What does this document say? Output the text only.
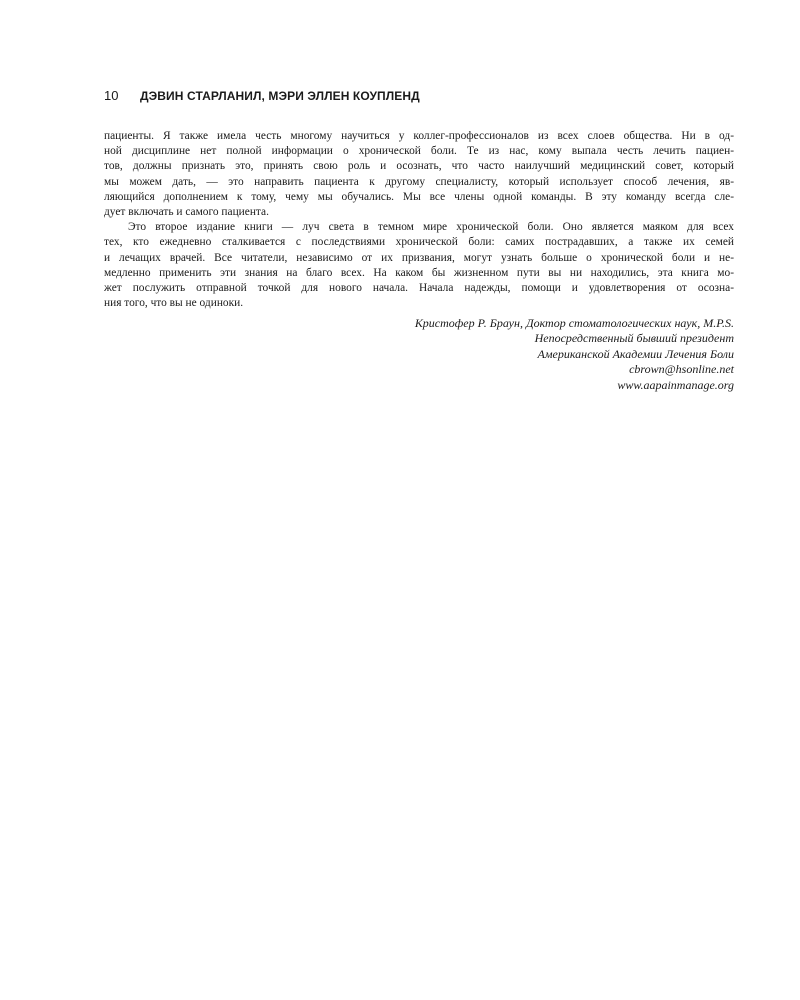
10	ДЭВИН СТАРЛАНИЛ, МЭРИ ЭЛЛЕН КОУПЛЕНД
пациенты. Я также имела честь многому научиться у коллег-профессионалов из всех слоев общества. Ни в од-
ной дисциплине нет полной информации о хронической боли. Те из нас, кому выпала честь лечить пациен-
тов, должны признать это, принять свою роль и осознать, что часто наилучший медицинский совет, который
мы можем дать, — это направить пациента к другому специалисту, который использует способ лечения, яв-
ляющийся дополнением к тому, чему мы обучались. Мы все члены одной команды. В эту команду всегда сле-
дует включать и самого пациента.
Это второе издание книги — луч света в темном мире хронической боли. Оно является маяком для всех
тех, кто ежедневно сталкивается с последствиями хронической боли: самих пострадавших, а также их семей
и лечащих врачей. Все читатели, независимо от их призвания, могут узнать больше о хронической боли и не-
медленно применить эти знания на благо всех. На каком бы жизненном пути вы ни находились, эта книга мо-
жет послужить отправной точкой для нового начала. Начала надежды, помощи и удовлетворения от осозна-
ния того, что вы не одиноки.
Кристофер Р. Браун, Доктор стоматологических наук, M.P.S.
Непосредственный бывший президент
Американской Академии Лечения Боли
cbrown@hsonline.net
www.aapainmanage.org
